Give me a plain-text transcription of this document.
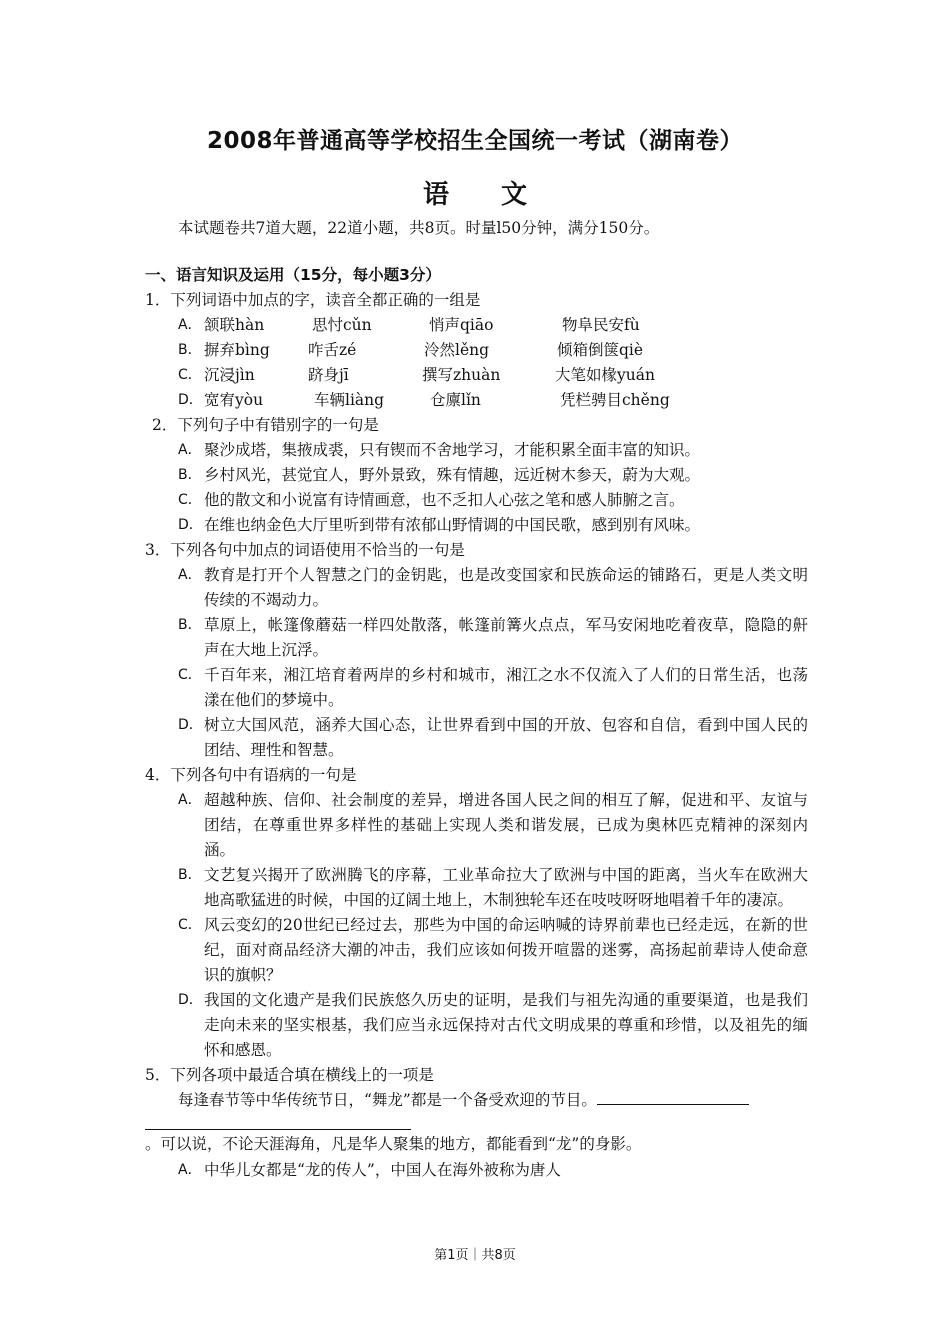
2008年普通高等学校招生全国统一考试（湖南卷）
语文
本试题卷共7道大题，22道小题，共8页。时量l50分钟，满分150分。
一、语言知识及运用（15分，每小题3分）
1．下列词语中加点的字，读音全都正确的一组是
A． 颔联hàn	思忖cǔn	悄声qiāo	物阜民安fù
B． 摒弃bìng 咋舌zé	泠然lěng	倾箱倒箧qiè
C． 沉浸jìn	跻身jī	撰写zhuàn	大笔如椽yuán
D． 宽宥yòu	车辆liàng	仓廪lǐn	凭栏骋目chěng
2．下列句子中有错别字的一句是
A． 聚沙成塔，集掖成裘，只有锲而不舍地学习，才能积累全面丰富的知识。
B． 乡村风光，甚觉宜人，野外景致，殊有情趣，远近树木参天，蔚为大观。
C． 他的散文和小说富有诗情画意，也不乏扣人心弦之笔和感人肺腑之言。
D． 在维也纳金色大厅里听到带有浓郁山野情调的中国民歌，感到别有风味。
3．下列各句中加点的词语使用不恰当的一句是
A． 教育是打开个人智慧之门的金钥匙，也是改变国家和民族命运的铺路石，更是人类文明传续的不竭动力。
B． 草原上，帐篷像蘑菇一样四处散落，帐篷前篝火点点，军马安闲地吃着夜草，隐隐的鼾声在大地上沉浮。
C． 千百年来，湘江培育着两岸的乡村和城市，湘江之水不仅流入了人们的日常生活，也荡漾在他们的梦境中。
D． 树立大国风范，涵养大国心态，让世界看到中国的开放、包容和自信，看到中国人民的团结、理性和智慧。
4．下列各句中有语病的一句是
A． 超越种族、信仰、社会制度的差异，增进各国人民之间的相互了解，促进和平、友谊与团结，在尊重世界多样性的基础上实现人类和谐发展，已成为奥林匹克精神的深刻内涵。
B． 文艺复兴揭开了欧洲腾飞的序幕，工业革命拉大了欧洲与中国的距离，当火车在欧洲大地高歌猛进的时候，中国的辽阔土地上，木制独轮车还在吱吱呀呀地唱着千年的凄凉。
C． 风云变幻的20世纪已经过去，那些为中国的命运呐喊的诗界前辈也已经走远，在新的世纪，面对商品经济大潮的冲击，我们应该如何拨开喧嚣的迷雾，高扬起前辈诗人使命意识的旗帜？
D． 我国的文化遗产是我们民族悠久历史的证明，是我们与祖先沟通的重要渠道，也是我们走向未来的坚实根基，我们应当永远保持对古代文明成果的尊重和珍惜，以及祖先的缅怀和感恩。
5．下列各项中最适合填在横线上的一项是
每逢春节等中华传统节日，“舞龙”都是一个备受欢迎的节目。
。可以说，不论天涯海角，凡是华人聚集的地方，都能看到“龙”的身影。
A． 中华儿女都是“龙的传人”，中国人在海外被称为唐人
第1页｜共8页
